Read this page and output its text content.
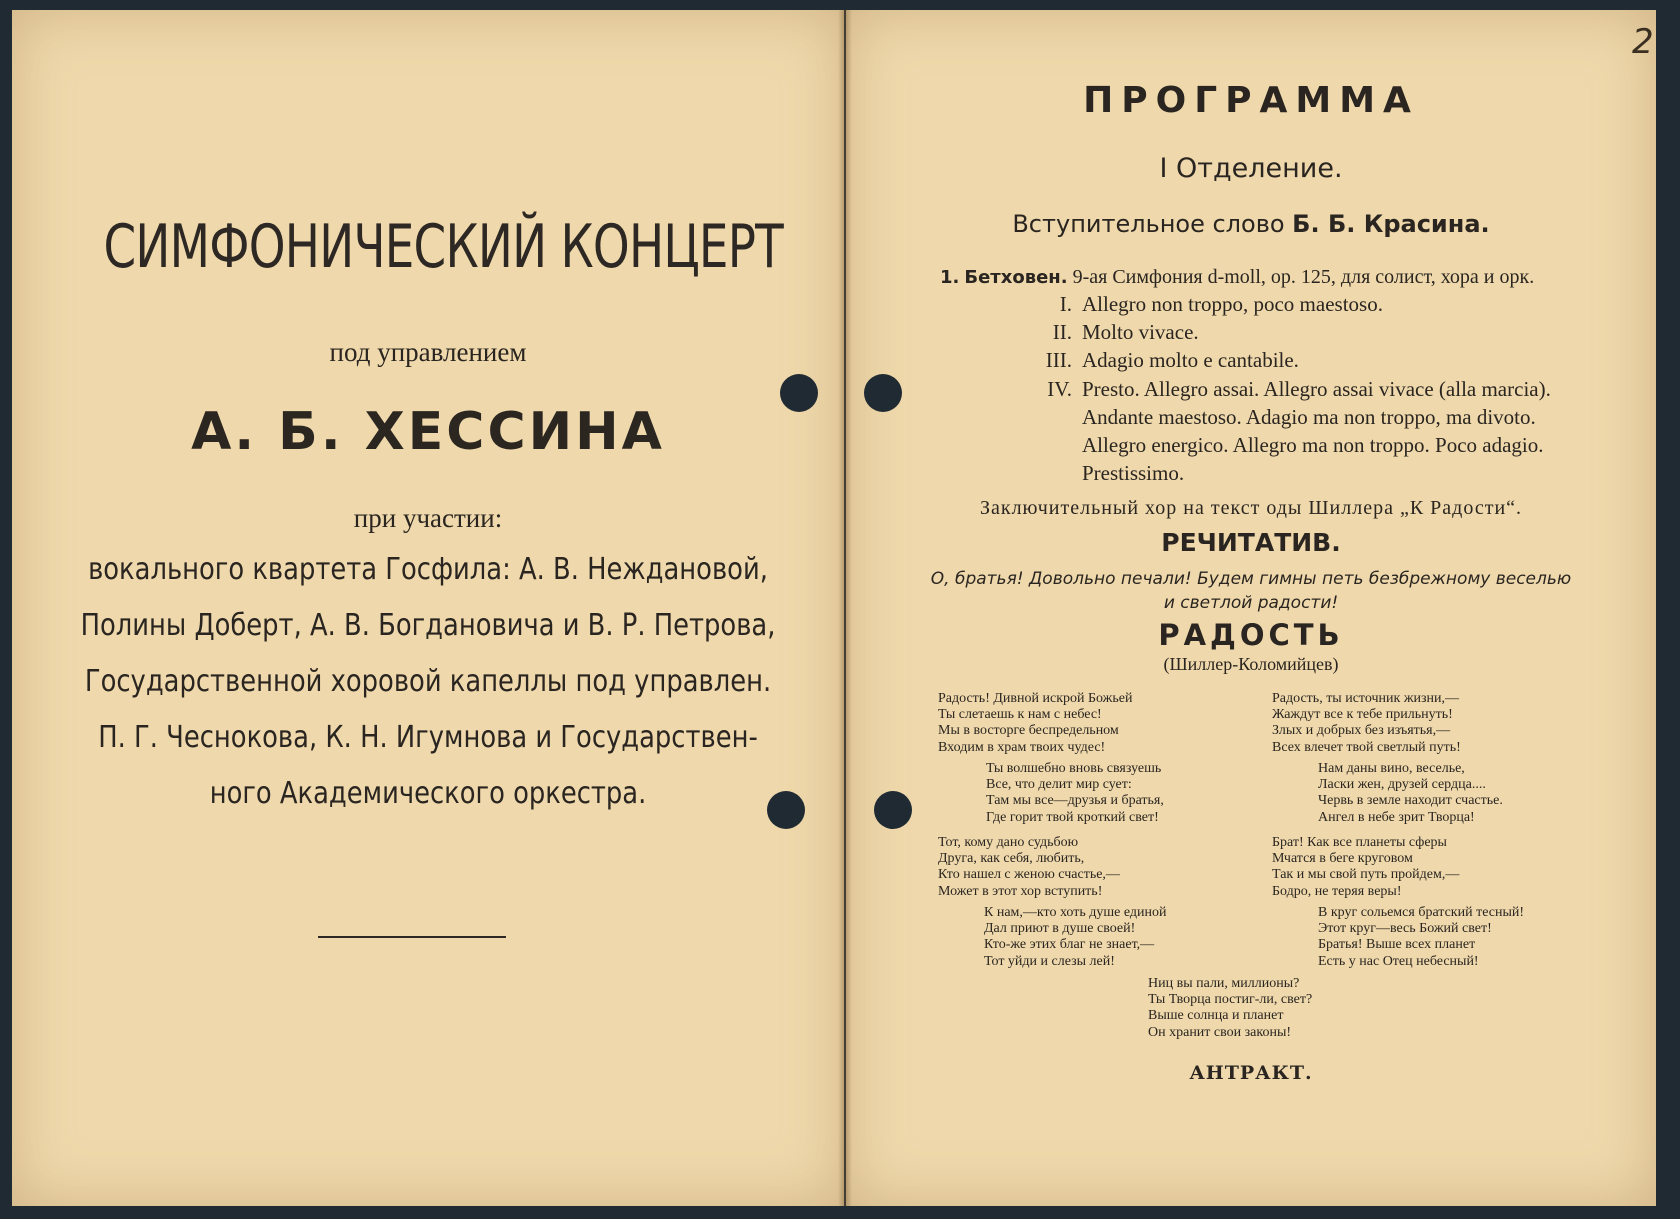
СИМФОНИЧЕСКИЙ КОНЦЕРТ
под управлением
А. Б. ХЕССИНА
при участии:
вокального квартета Госфила: А. В. Неждановой,
Полины Доберт, А. В. Богдановича и В. Р. Петрова,
Государственной хоровой капеллы под управлен.
П. Г. Чеснокова, К. Н. Игумнова и Государствен-
ного Академического оркестра.
2
ПРОГРАММА
I Отделение.
Вступительное слово Б. Б. Красина.
1. Бетховен. 9-ая Симфония d-moll, ор. 125, для солист, хора и орк.
I. Allegro non troppo, poco maestoso.
II. Molto vivace.
III. Adagio molto e cantabile.
IV. Presto. Allegro assai. Allegro assai vivace (alla marcia).
Andante maestoso. Adagio ma non troppo, ma divoto.
Allegro energico. Allegro ma non troppo. Poco adagio.
Prestissimo.
Заключительный хор на текст оды Шиллера „К Радости“.
РЕЧИТАТИВ.
О, братья! Довольно печали! Будем гимны петь безбрежному веселью
и светлой радости!
РАДОСТЬ
(Шиллер-Коломийцев)
Радость! Дивной искрой Божьей
Ты слетаешь к нам с небес!
Мы в восторге беспредельном
Входим в храм твоих чудес!
Ты волшебно вновь связуешь
Все, что делит мир сует:
Там мы все—друзья и братья,
Где горит твой кроткий свет!
Тот, кому дано судьбою
Друга, как себя, любить,
Кто нашел с женою счастье,—
Может в этот хор вступить!
К нам,—кто хоть душе единой
Дал приют в душе своей!
Кто-же этих благ не знает,—
Тот уйди и слезы лей!
Радость, ты источник жизни,—
Жаждут все к тебе прильнуть!
Злых и добрых без изъятья,—
Всех влечет твой светлый путь!
Нам даны вино, веселье,
Ласки жен, друзей сердца....
Червь в земле находит счастье.
Ангел в небе зрит Творца!
Брат! Как все планеты сферы
Мчатся в беге круговом
Так и мы свой путь пройдем,—
Бодро, не теряя веры!
В круг сольемся братский тесный!
Этот круг—весь Божий свет!
Братья! Выше всех планет
Есть у нас Отец небесный!
Ниц вы пали, миллионы?
Ты Творца постиг-ли, свет?
Выше солнца и планет
Он хранит свои законы!
АНТРАКТ.
